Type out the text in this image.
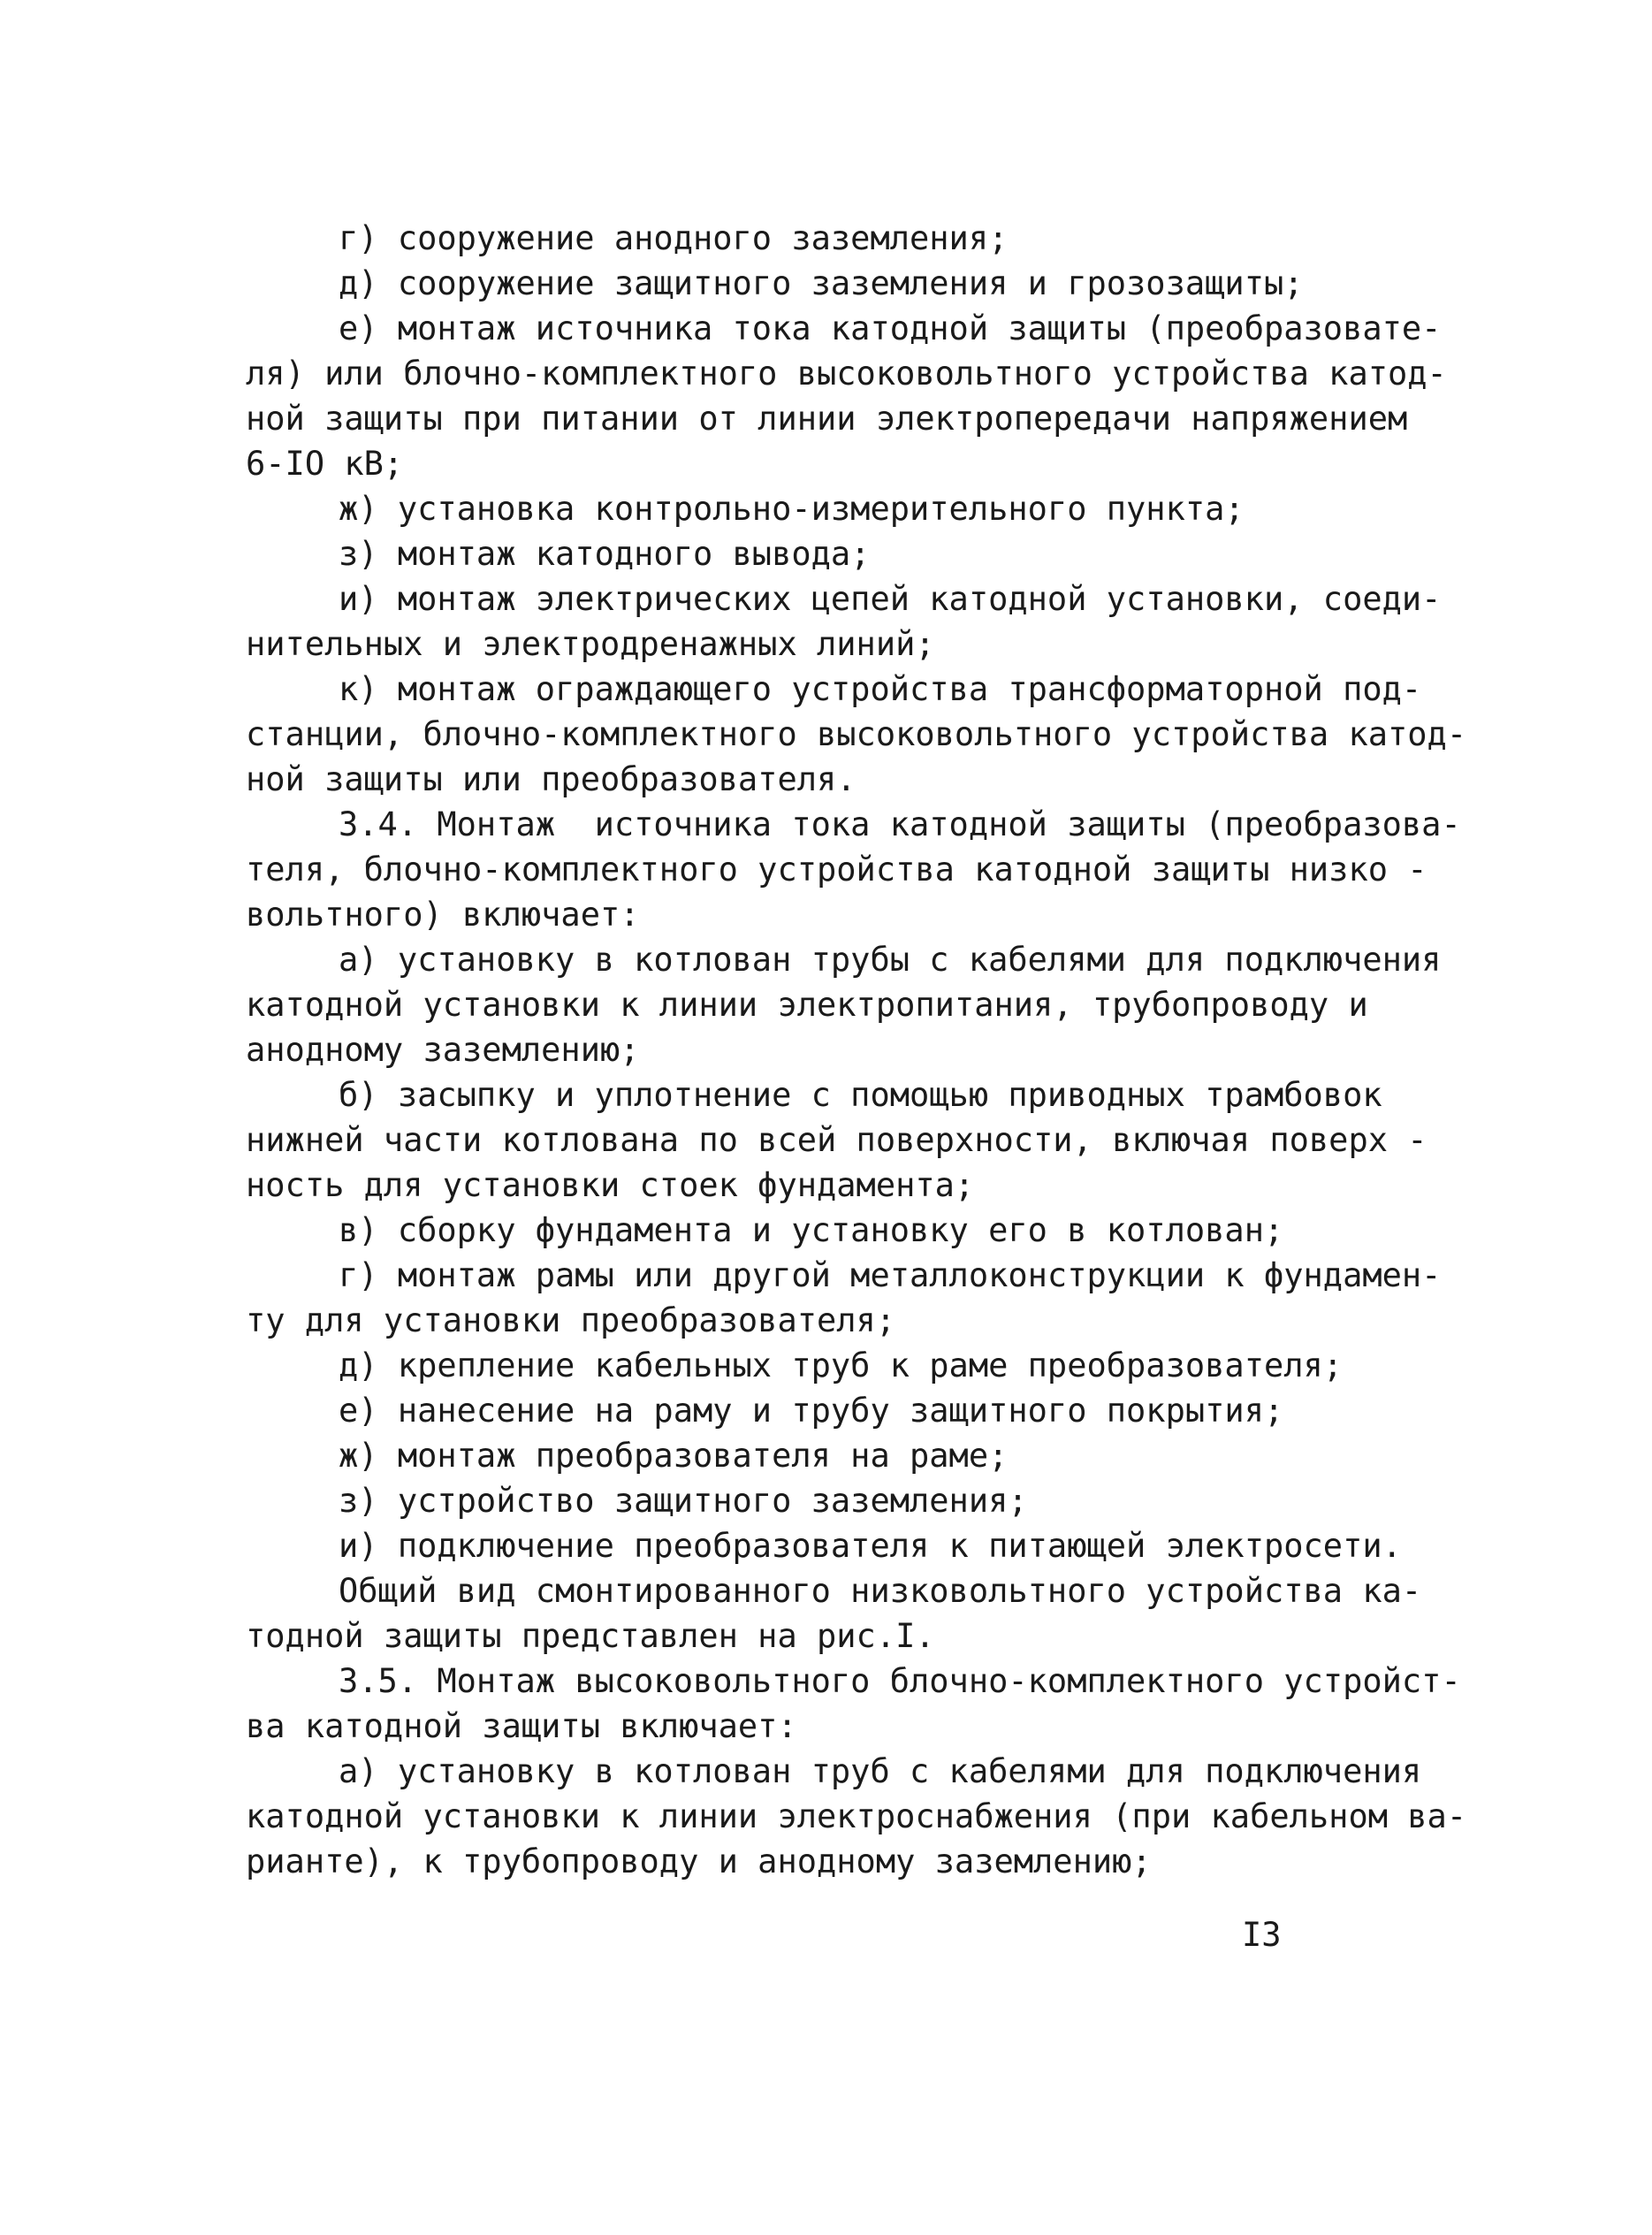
г) сооружение анодного заземления;
д) сооружение защитного заземления и грозозащиты;
е) монтаж источника тока катодной защиты (преобразовате-
ля) или блочно-комплектного высоковольтного устройства катод-
ной защиты при питании от линии электропередачи напряжением
6-IO кВ;
ж) установка контрольно-измерительного пункта;
з) монтаж катодного вывода;
и) монтаж электрических цепей катодной установки, соеди-
нительных и электродренажных линий;
к) монтаж ограждающего устройства трансформаторной под-
станции, блочно-комплектного высоковольтного устройства катод-
ной защиты или преобразователя.
3.4. Монтаж  источника тока катодной защиты (преобразова-
теля, блочно-комплектного устройства катодной защиты низко -
вольтного) включает:
а) установку в котлован трубы с кабелями для подключения
катодной установки к линии электропитания, трубопроводу и
анодному заземлению;
б) засыпку и уплотнение с помощью приводных трамбовок
нижней части котлована по всей поверхности, включая поверх -
ность для установки стоек фундамента;
в) сборку фундамента и установку его в котлован;
г) монтаж рамы или другой металлоконструкции к фундамен-
ту для установки преобразователя;
д) крепление кабельных труб к раме преобразователя;
е) нанесение на раму и трубу защитного покрытия;
ж) монтаж преобразователя на раме;
з) устройство защитного заземления;
и) подключение преобразователя к питающей электросети.
Общий вид смонтированного низковольтного устройства ка-
тодной защиты представлен на рис.I.
3.5. Монтаж высоковольтного блочно-комплектного устройст-
ва катодной защиты включает:
а) установку в котлован труб с кабелями для подключения
катодной установки к линии электроснабжения (при кабельном ва-
рианте), к трубопроводу и анодному заземлению;
I3
